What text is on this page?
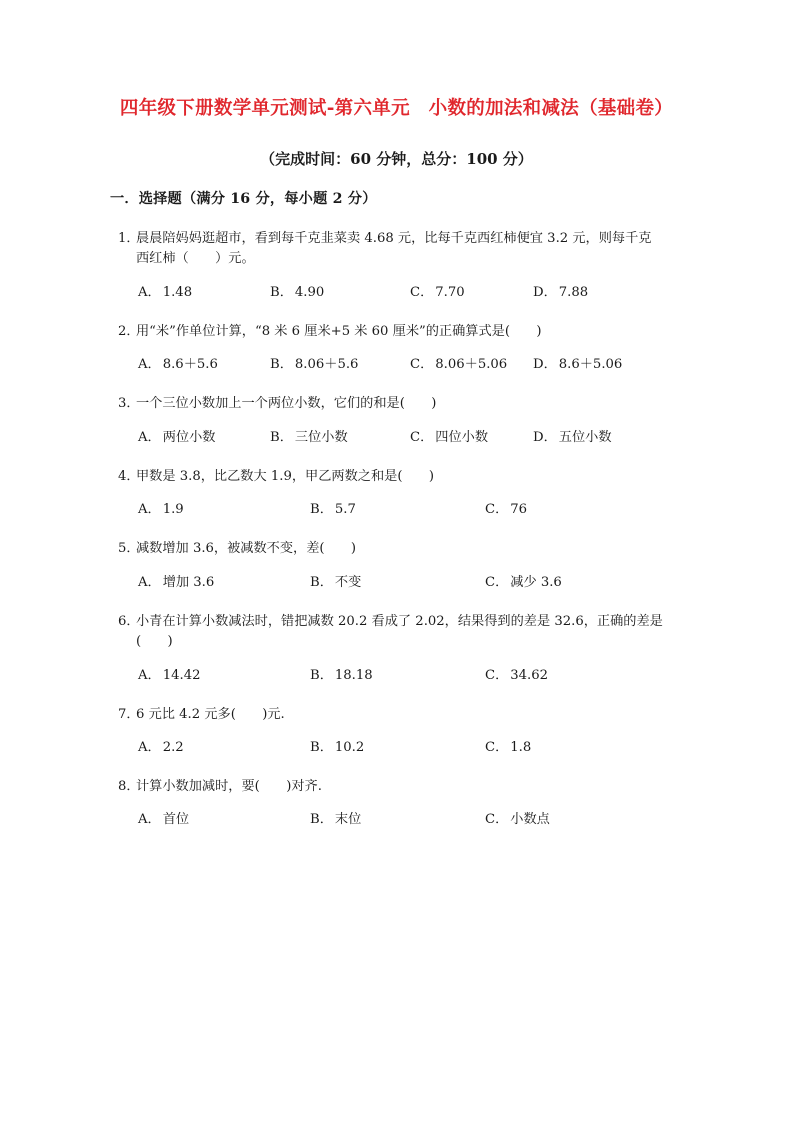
四年级下册数学单元测试-第六单元　小数的加法和减法（基础卷）
（完成时间：60 分钟，总分：100 分）
一．选择题（满分 16 分，每小题 2 分）
1．
晨晨陪妈妈逛超市，看到每千克韭菜卖 4.68 元，比每千克西红柿便宜 3.2 元，则每千克
西红柿（　　）元。
A． 1.48	B． 4.90	C． 7.70	D． 7.88
2．
用“米”作单位计算，“8 米 6 厘米+5 米 60 厘米”的正确算式是(　　)
A． 8.6＋5.6	B． 8.06＋5.6	C． 8.06＋5.06 D． 8.6＋5.06
3．
一个三位小数加上一个两位小数，它们的和是(　　)
A． 两位小数	B． 三位小数	C． 四位小数	D． 五位小数
4．
甲数是 3.8，比乙数大 1.9，甲乙两数之和是(　　)
A． 1.9	B． 5.7	C． 76
5．
减数增加 3.6，被减数不变，差(　　)
A． 增加 3.6	B． 不变	C． 减少 3.6
6．
小青在计算小数减法时，错把减数 20.2 看成了 2.02，结果得到的差是 32.6，正确的差是
(　　)
A． 14.42	B． 18.18	C． 34.62
7．
6 元比 4.2 元多(　　)元.
A． 2.2	B． 10.2	C． 1.8
8．
计算小数加减时，要(　　)对齐.
A． 首位	B． 末位	C． 小数点
